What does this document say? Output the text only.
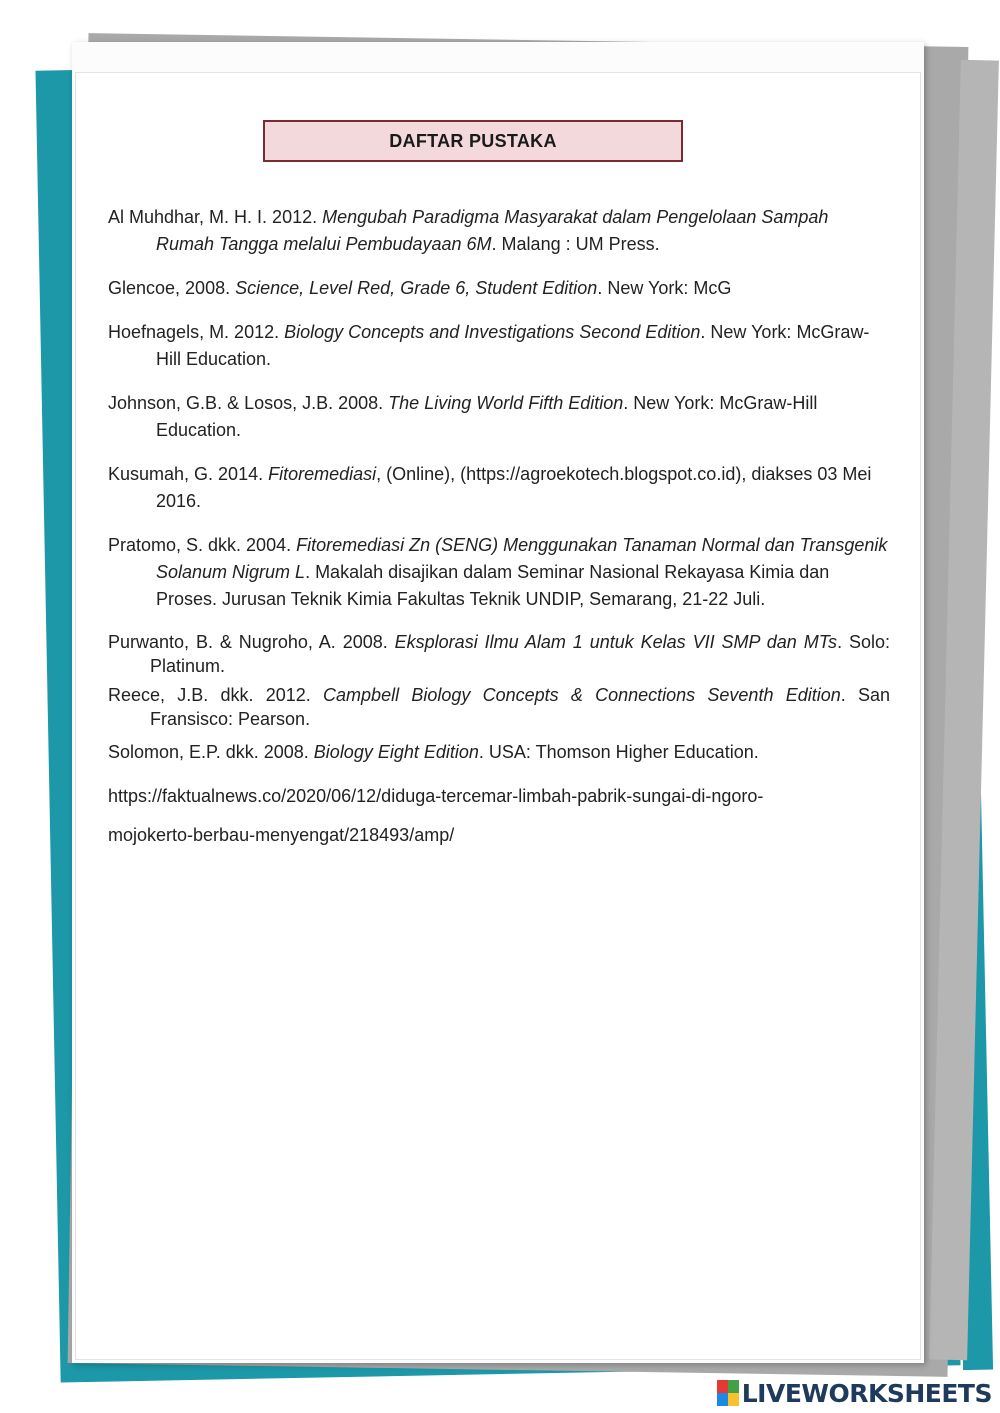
DAFTAR PUSTAKA
Al Muhdhar, M. H. I. 2012. Mengubah Paradigma Masyarakat dalam Pengelolaan Sampah Rumah Tangga melalui Pembudayaan 6M. Malang : UM Press.
Glencoe, 2008. Science, Level Red, Grade 6, Student Edition. New York: McG
Hoefnagels, M. 2012. Biology Concepts and Investigations Second Edition. New York: McGraw-Hill Education.
Johnson, G.B. & Losos, J.B. 2008. The Living World Fifth Edition. New York: McGraw-Hill Education.
Kusumah, G. 2014. Fitoremediasi, (Online), (https://agroekotech.blogspot.co.id), diakses 03 Mei 2016.
Pratomo, S. dkk. 2004. Fitoremediasi Zn (SENG) Menggunakan Tanaman Normal dan Transgenik    Solanum Nigrum L. Makalah disajikan dalam Seminar Nasional Rekayasa Kimia dan Proses. Jurusan Teknik Kimia Fakultas Teknik UNDIP, Semarang, 21-22 Juli.
Purwanto, B. & Nugroho, A. 2008. Eksplorasi Ilmu Alam 1 untuk Kelas VII SMP dan MTs. Solo: Platinum.
Reece, J.B. dkk. 2012. Campbell Biology Concepts & Connections Seventh Edition. San Fransisco: Pearson.
Solomon, E.P. dkk. 2008. Biology Eight Edition. USA: Thomson Higher Education.
https://faktualnews.co/2020/06/12/diduga-tercemar-limbah-pabrik-sungai-di-ngoro-
mojokerto-berbau-menyengat/218493/amp/
LIVEWORKSHEETS
